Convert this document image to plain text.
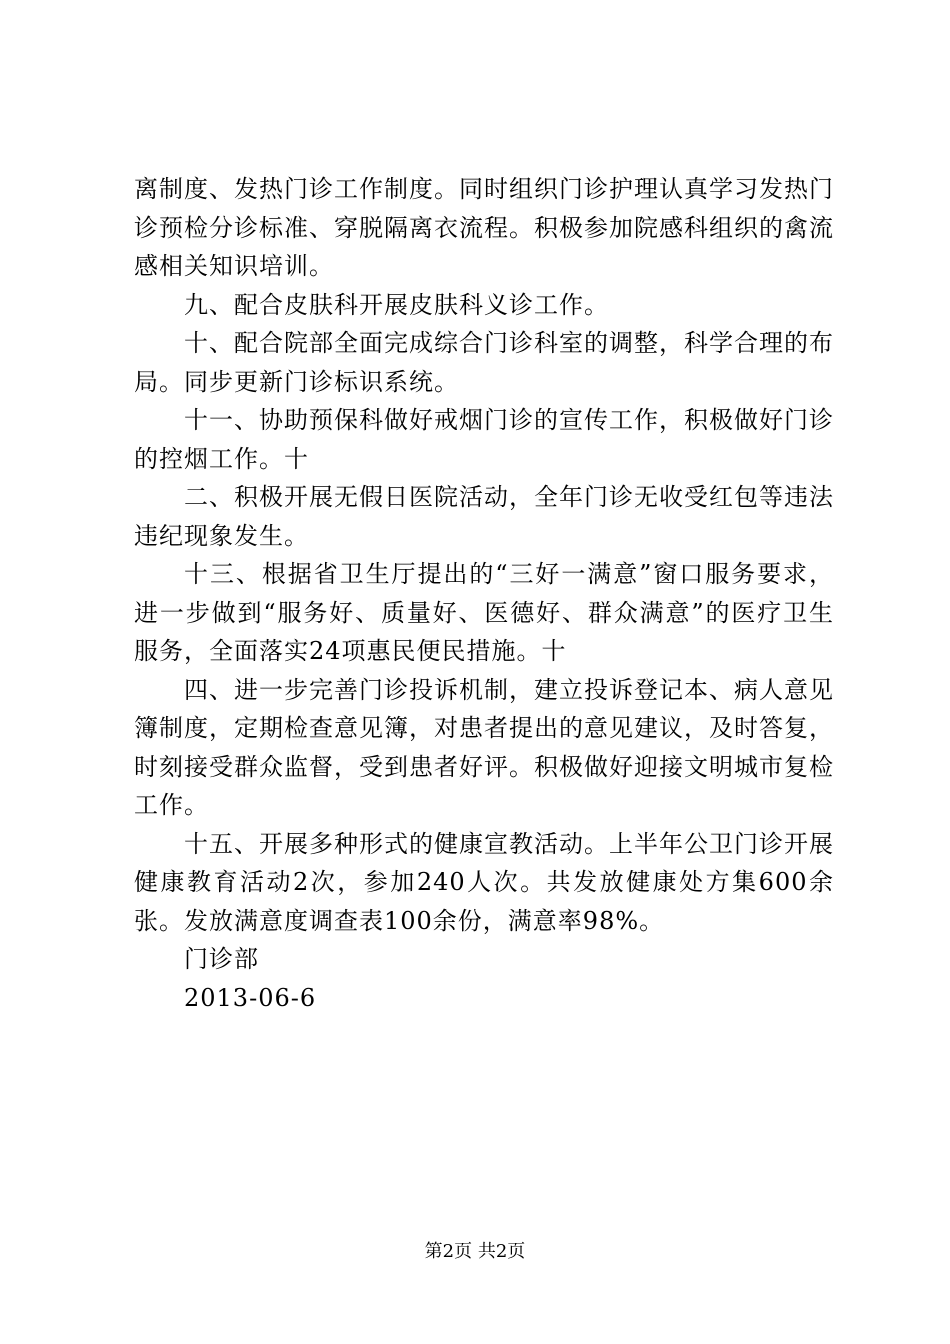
离制度、发热门诊工作制度。同时组织门诊护理认真学习发热门诊预检分诊标准、穿脱隔离衣流程。积极参加院感科组织的禽流感相关知识培训。

九、配合皮肤科开展皮肤科义诊工作。

十、配合院部全面完成综合门诊科室的调整，科学合理的布局。同步更新门诊标识系统。

十一、协助预保科做好戒烟门诊的宣传工作，积极做好门诊的控烟工作。十

二、积极开展无假日医院活动，全年门诊无收受红包等违法违纪现象发生。

十三、根据省卫生厅提出的“三好一满意”窗口服务要求，进一步做到“服务好、质量好、医德好、群众满意”的医疗卫生服务，全面落实24项惠民便民措施。十

四、进一步完善门诊投诉机制，建立投诉登记本、病人意见簿制度，定期检查意见簿，对患者提出的意见建议，及时答复，时刻接受群众监督，受到患者好评。积极做好迎接文明城市复检工作。

十五、开展多种形式的健康宣教活动。上半年公卫门诊开展健康教育活动2次，参加240人次。共发放健康处方集600余张。发放满意度调查表100余份，满意率98%。

门诊部

2013-06-6

第2页 共2页
